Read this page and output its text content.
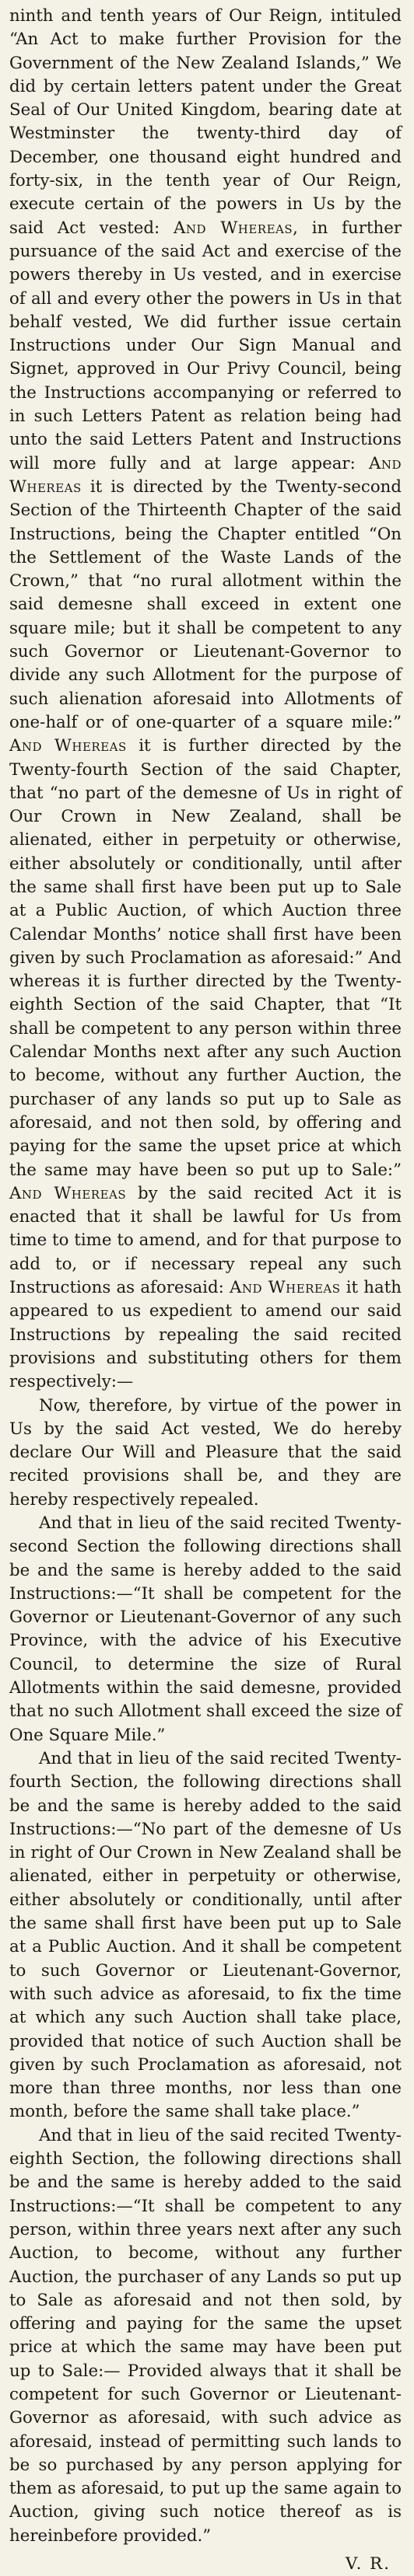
ninth and tenth years of Our Reign, intituled “An Act to make further Provision for the Government of the New Zealand Islands,” We did by certain letters patent under the Great Seal of Our United Kingdom, bearing date at Westminster the twenty-third day of December, one thousand eight hundred and forty-six, in the tenth year of Our Reign, execute certain of the powers in Us by the said Act vested: And Whereas, in further pursuance of the said Act and exercise of the powers thereby in Us vested, and in exercise of all and every other the powers in Us in that behalf vested, We did further issue certain Instructions under Our Sign Manual and Signet, approved in Our Privy Council, being the Instructions accompanying or referred to in such Letters Patent as relation being had unto the said Letters Patent and Instructions will more fully and at large appear: And Whereas it is directed by the Twenty-second Section of the Thirteenth Chapter of the said Instructions, being the Chapter entitled “On the Settlement of the Waste Lands of the Crown,” that “no rural allotment within the said demesne shall exceed in extent one square mile; but it shall be competent to any such Governor or Lieutenant-Governor to divide any such Allotment for the purpose of such alienation aforesaid into Allotments of one-half or of one-quarter of a square mile:” And Whereas it is further directed by the Twenty-fourth Section of the said Chapter, that “no part of the demesne of Us in right of Our Crown in New Zealand, shall be alienated, either in perpetuity or otherwise, either absolutely or conditionally, until after the same shall first have been put up to Sale at a Public Auction, of which Auction three Calendar Months’ notice shall first have been given by such Proclamation as aforesaid:” And whereas it is further directed by the Twenty-eighth Section of the said Chapter, that “It shall be competent to any person within three Calendar Months next after any such Auction to become, without any further Auction, the purchaser of any lands so put up to Sale as aforesaid, and not then sold, by offering and paying for the same the upset price at which the same may have been so put up to Sale:” And Whereas by the said recited Act it is enacted that it shall be lawful for Us from time to time to amend, and for that purpose to add to, or if necessary repeal any such Instructions as aforesaid: And Whereas it hath appeared to us expedient to amend our said Instructions by repealing the said recited provisions and substituting others for them respectively:—

Now, therefore, by virtue of the power in Us by the said Act vested, We do hereby declare Our Will and Pleasure that the said recited provisions shall be, and they are hereby respectively repealed.

And that in lieu of the said recited Twenty-second Section the following directions shall be and the same is hereby added to the said Instructions:—“It shall be competent for the Governor or Lieutenant-Governor of any such Province, with the advice of his Executive Council, to determine the size of Rural Allotments within the said demesne, provided that no such Allotment shall exceed the size of One Square Mile.”

And that in lieu of the said recited Twenty-fourth Section, the following directions shall be and the same is hereby added to the said Instructions:—“No part of the demesne of Us in right of Our Crown in New Zealand shall be alienated, either in perpetuity or otherwise, either absolutely or conditionally, until after the same shall first have been put up to Sale at a Public Auction. And it shall be competent to such Governor or Lieutenant-Governor, with such advice as aforesaid, to fix the time at which any such Auction shall take place, provided that notice of such Auction shall be given by such Proclamation as aforesaid, not more than three months, nor less than one month, before the same shall take place.”

And that in lieu of the said recited Twenty-eighth Section, the following directions shall be and the same is hereby added to the said Instructions:—“It shall be competent to any person, within three years next after any such Auction, to become, without any further Auction, the purchaser of any Lands so put up to Sale as aforesaid and not then sold, by offering and paying for the same the upset price at which the same may have been put up to Sale:— Provided always that it shall be competent for such Governor or Lieutenant-Governor as aforesaid, with such advice as aforesaid, instead of permitting such lands to be so purchased by any person applying for them as aforesaid, to put up the same again to Auction, giving such notice thereof as is hereinbefore provided.”

V. R.
